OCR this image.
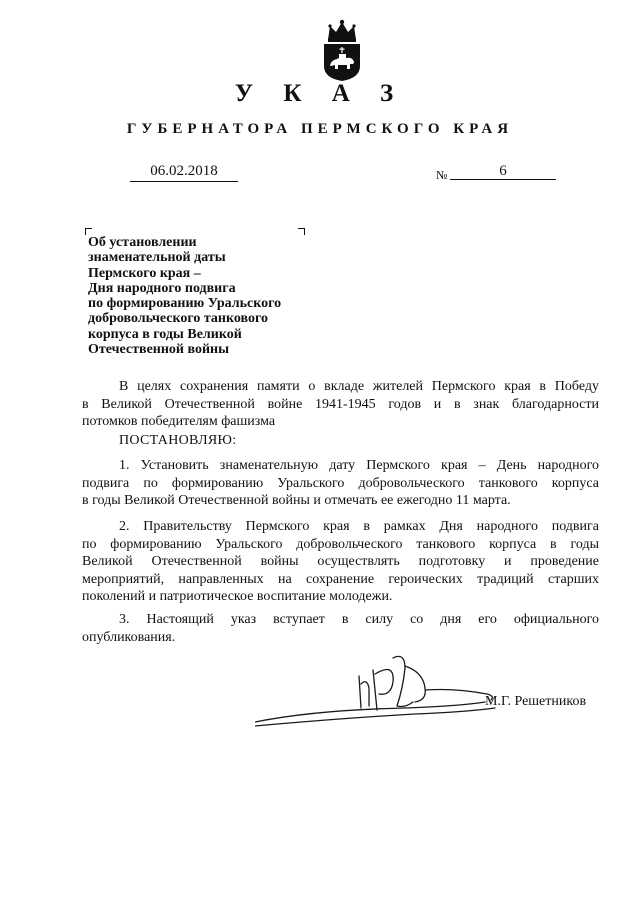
У К А З
ГУБЕРНАТОРА ПЕРМСКОГО КРАЯ
06.02.2018	№	6
Об установлении
знаменательной даты
Пермского края –
Дня народного подвига
по формированию Уральского
добровольческого танкового
корпуса в годы Великой
Отечественной войны
В целях сохранения памяти о вкладе жителей Пермского края в Победу
в Великой Отечественной войне 1941-1945 годов и в знак благодарности
потомков победителям фашизма
ПОСТАНОВЛЯЮ:
1. Установить знаменательную дату Пермского края – День народного
подвига по формированию Уральского добровольческого танкового корпуса
в годы Великой Отечественной войны и отмечать ее ежегодно 11 марта.
2. Правительству Пермского края в рамках Дня народного подвига
по формированию Уральского добровольческого танкового корпуса в годы
Великой Отечественной войны осуществлять подготовку и проведение
мероприятий, направленных на сохранение героических традиций старших
поколений и патриотическое воспитание молодежи.
3. Настоящий указ вступает в силу со дня его официального
опубликования.
М.Г. Решетников
